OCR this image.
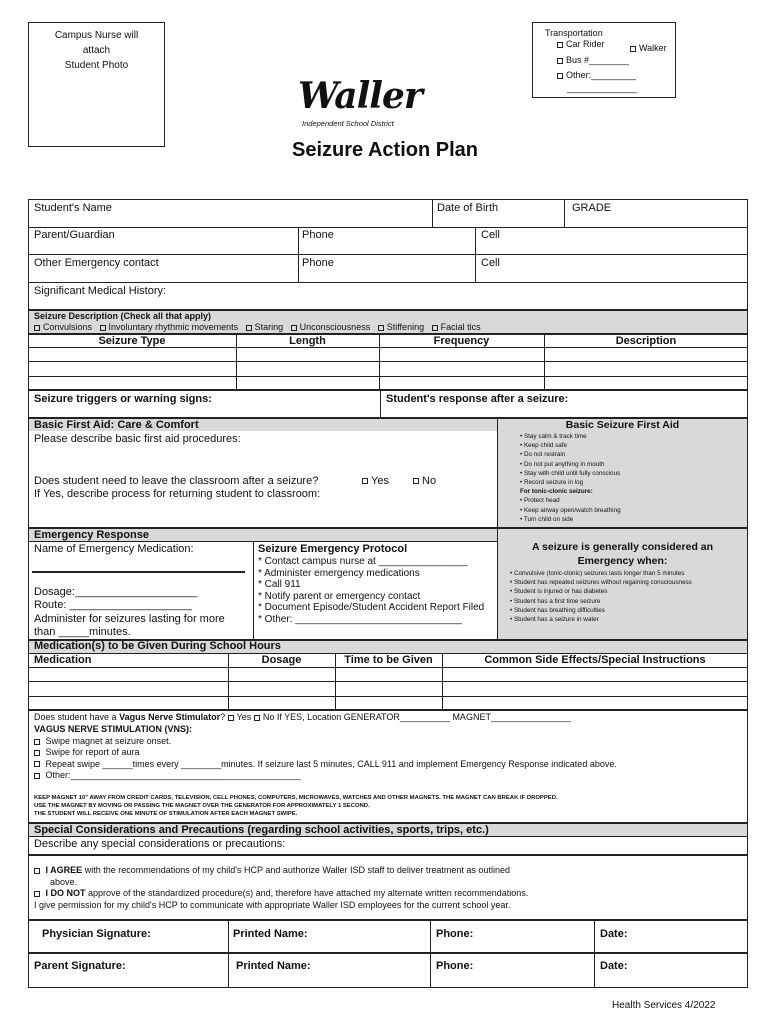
Campus Nurse will
attach
Student Photo
Transportation
Car Rider	Walker
Bus #________
Other:_________
______________
Waller
Independent School District
Seizure Action Plan
Student's Name	Date of Birth	GRADE
Parent/Guardian	Phone	Cell
Other Emergency contact	Phone	Cell
Significant Medical History:
Seizure Description (Check all that apply)
Convulsions Involuntary rhythmic movements Staring Unconsciousness Stiffening Facial tics
Seizure Type	Length	Frequency	Description
Seizure triggers or warning signs:	Student's response after a seizure:
Basic First Aid: Care & Comfort
Please describe basic first aid procedures:
Does student need to leave the classroom after a seizure?	Yes	No
If Yes, describe process for returning student to classroom:
Basic Seizure First Aid
• Stay calm & track time
• Keep child safe
• Do not restrain
• Do not put anything in mouth
• Stay with child until fully conscious
• Record seizure in log
For tonic-clonic seizure:
• Protect head
• Keep airway open/watch breathing
• Turn child on side
Emergency Response
Name of Emergency Medication:
Dosage:____________________
Route: ____________________
Administer for seizures lasting for more
than _____minutes.
Seizure Emergency Protocol
* Contact campus nurse at ________________
* Administer emergency medications
* Call 911
* Notify parent or emergency contact
* Document Episode/Student Accident Report Filed
* Other: ______________________________
A seizure is generally considered an
Emergency when:
• Convulsive (tonic-clonic) seizures lasts longer than 5 minutes
• Student has repeated seizures without regaining consciousness
• Student is injured or has diabetes
• Student has a first time seizure
• Student has breathing difficulties
• Student has a seizure in water
Medication(s) to be Given During School Hours
Medication	Dosage	Time to be Given	Common Side Effects/Special Instructions
Does student have a Vagus Nerve Stimulator? Yes No If YES, Location GENERATOR__________ MAGNET________________
VAGUS NERVE STIMULATION (VNS):
Swipe magnet at seizure onset.
Swipe for report of aura
Repeat swipe ______times every ________minutes. If seizure last 5 minutes, CALL 911 and implement Emergency Response indicated above.
Other:______________________________________________
KEEP MAGNET 10" AWAY FROM CREDIT CARDS, TELEVISION, CELL PHONES, COMPUTERS, MICROWAVES, WATCHES AND OTHER MAGNETS. THE MAGNET CAN BREAK IF DROPPED.
USE THE MAGNET BY MOVING OR PASSING THE MAGNET OVER THE GENERATOR FOR APPROXIMATELY 1 SECOND.
THE STUDENT WILL RECEIVE ONE MINUTE OF STIMULATION AFTER EACH MAGNET SWIPE.
Special Considerations and Precautions (regarding school activities, sports, trips, etc.)
Describe any special considerations or precautions:
I AGREE with the recommendations of my child's HCP and authorize Waller ISD staff to deliver treatment as outlined
above.
I DO NOT approve of the standardized procedure(s) and, therefore have attached my alternate written recommendations.
I give permission for my child's HCP to communicate with appropriate Waller ISD employees for the current school year.
Physician Signature:	Printed Name:	Phone:	Date:
Parent Signature:	Printed Name:	Phone:	Date:
Health Services 4/2022
